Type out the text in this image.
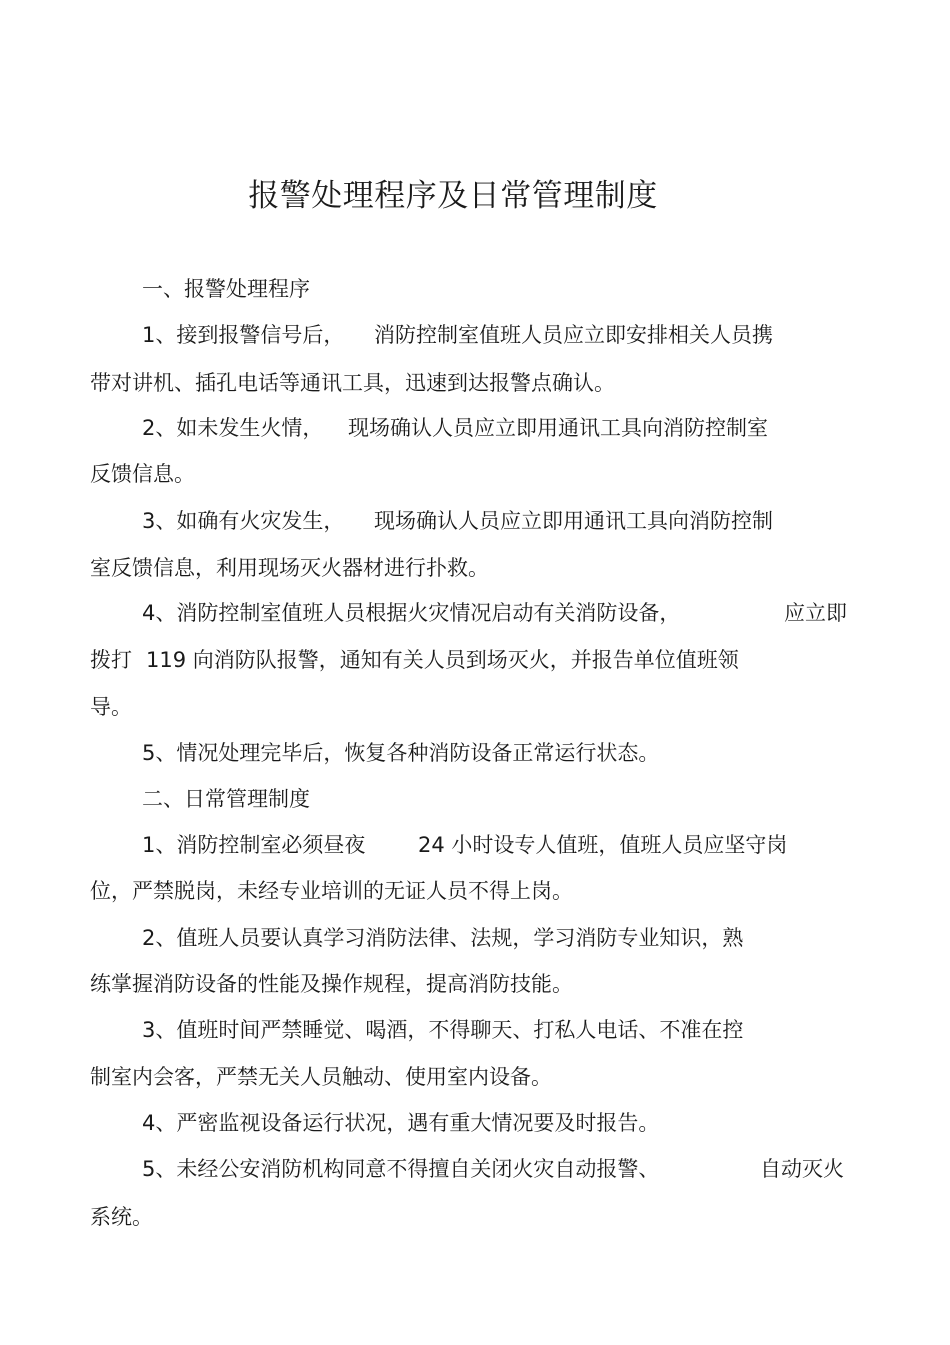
报警处理程序及日常管理制度
一、报警处理程序
1、接到报警信号后， 消防控制室值班人员应立即安排相关人员携
带对讲机、插孔电话等通讯工具，迅速到达报警点确认。
2、如未发生火情， 现场确认人员应立即用通讯工具向消防控制室
反馈信息。
3、如确有火灾发生， 现场确认人员应立即用通讯工具向消防控制
室反馈信息，利用现场灭火器材进行扑救。
4、消防控制室值班人员根据火灾情况启动有关消防设备，	应立即
拨打 119 向消防队报警，通知有关人员到场灭火，并报告单位值班领
导。
5、情况处理完毕后，恢复各种消防设备正常运行状态。
二、日常管理制度
1、消防控制室必须昼夜	24 小时设专人值班，值班人员应坚守岗
位，严禁脱岗，未经专业培训的无证人员不得上岗。
2、值班人员要认真学习消防法律、法规，学习消防专业知识，熟
练掌握消防设备的性能及操作规程，提高消防技能。
3、值班时间严禁睡觉、喝酒，不得聊天、打私人电话、不准在控
制室内会客，严禁无关人员触动、使用室内设备。
4、严密监视设备运行状况，遇有重大情况要及时报告。
5、未经公安消防机构同意不得擅自关闭火灾自动报警、	自动灭火
系统。
